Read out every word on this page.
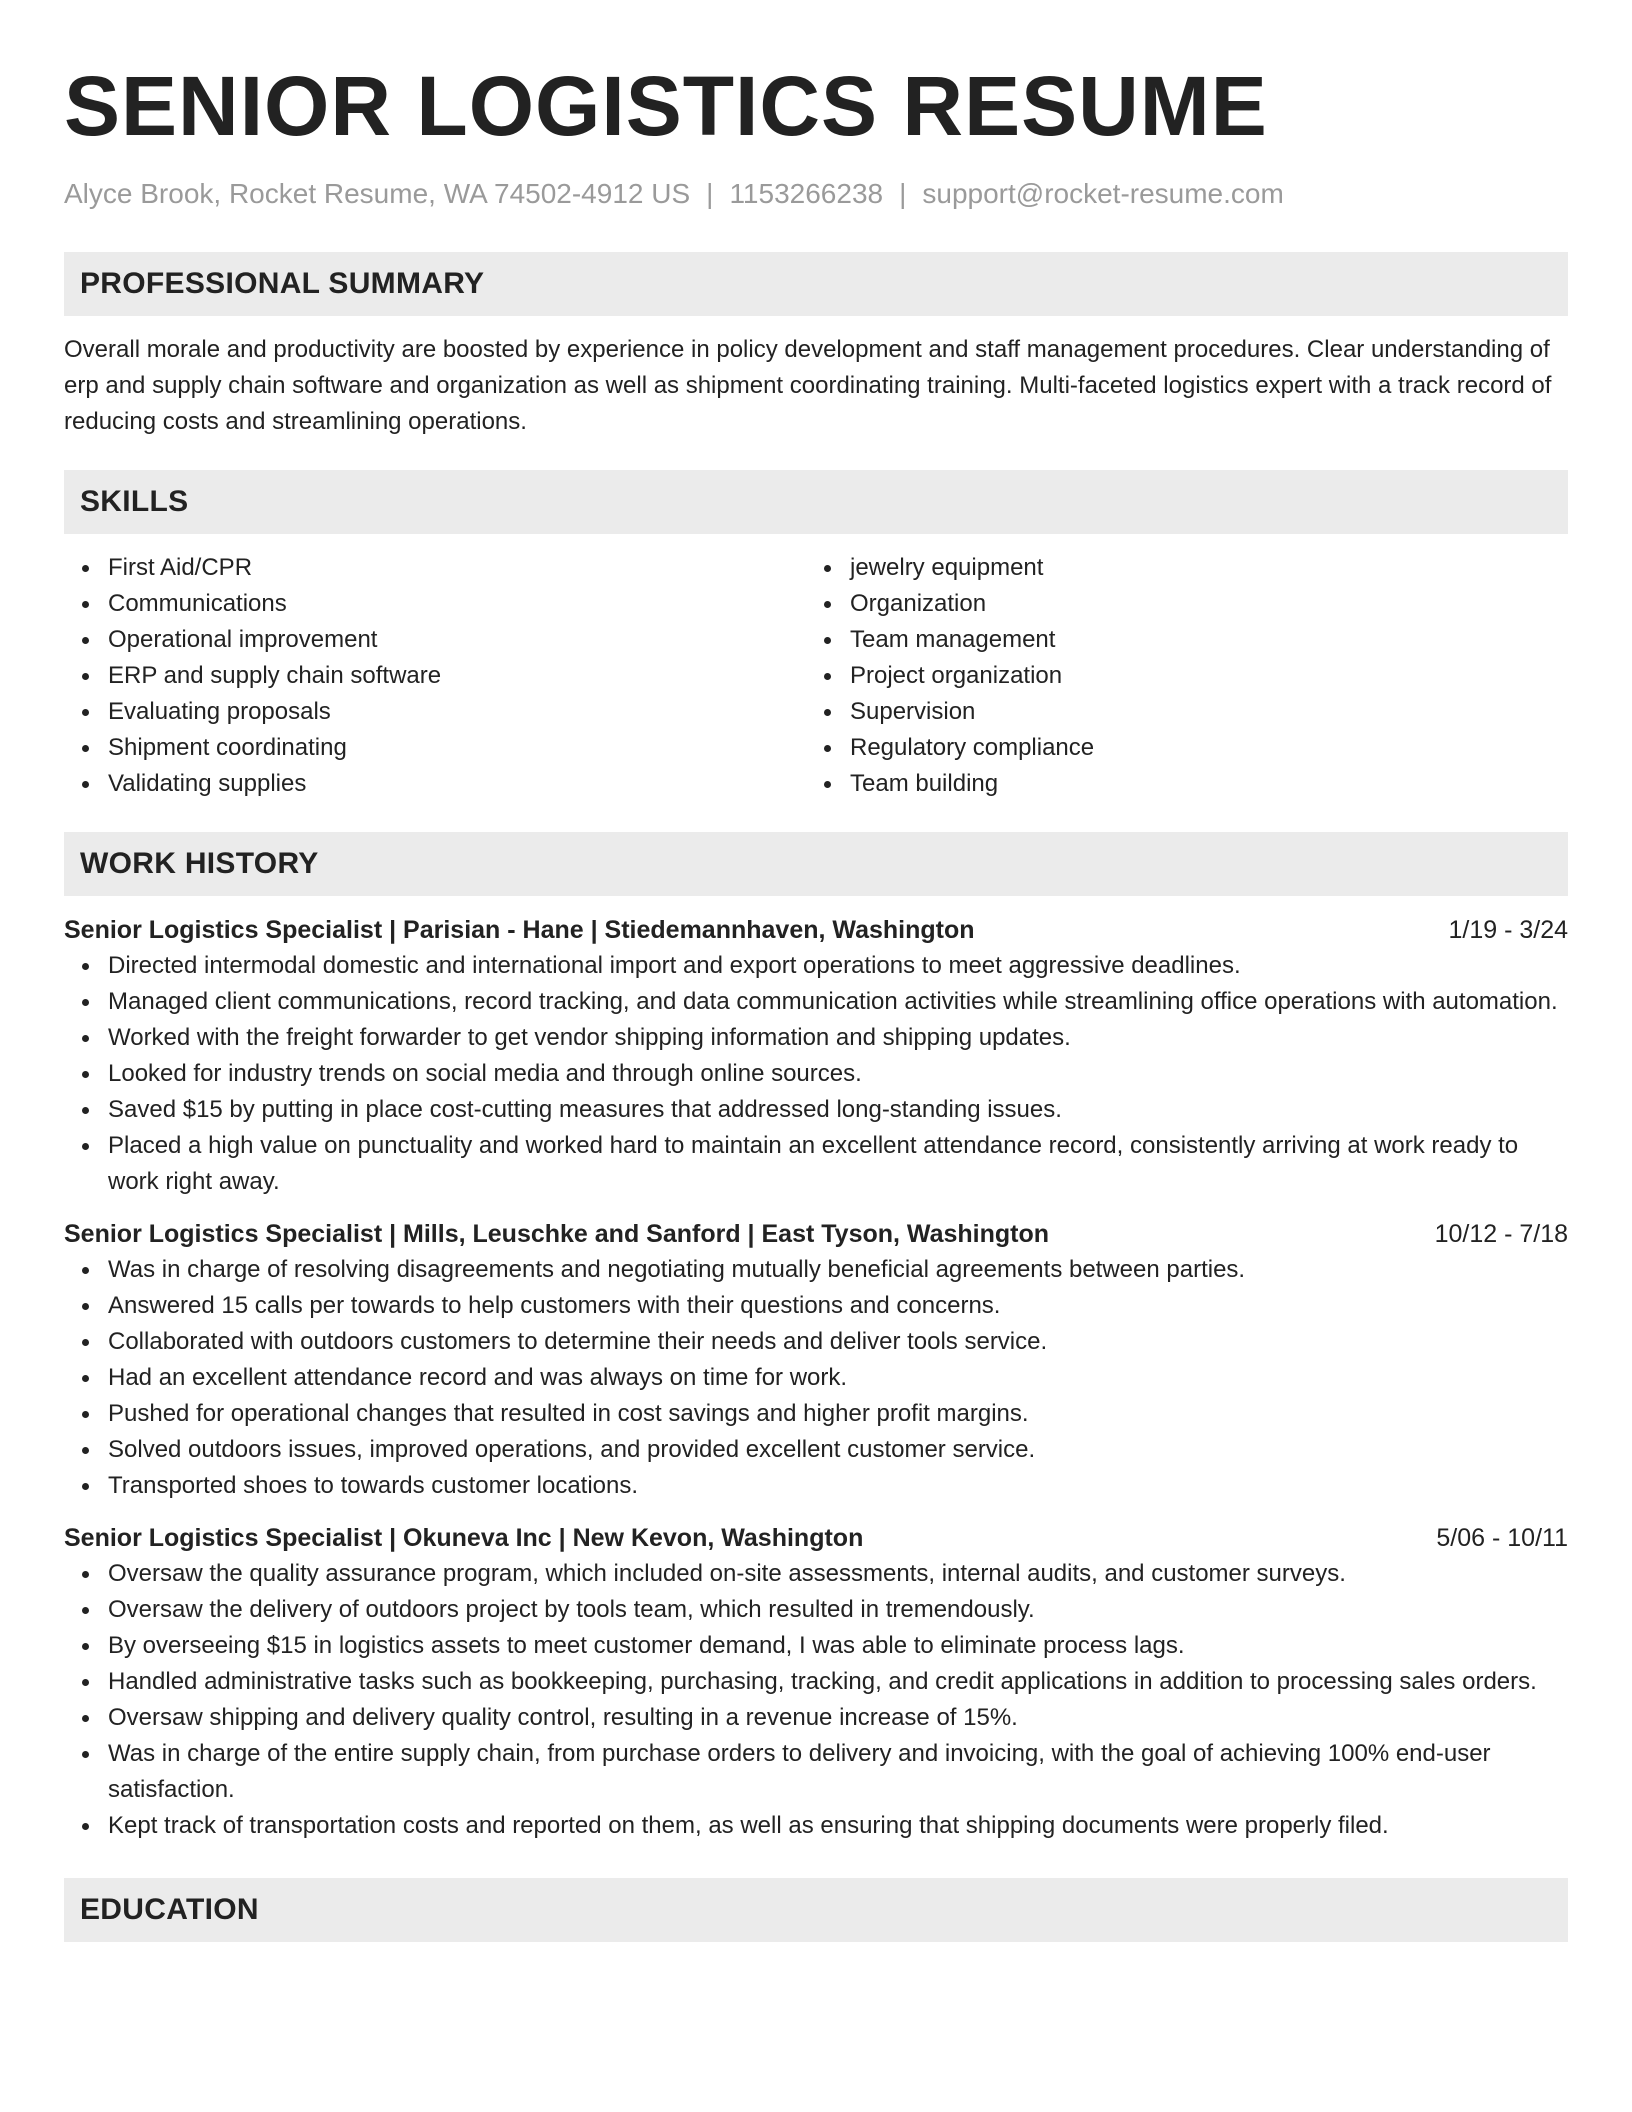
SENIOR LOGISTICS RESUME
Alyce Brook, Rocket Resume, WA 74502-4912 US | 1153266238 | support@rocket-resume.com
PROFESSIONAL SUMMARY

Overall morale and productivity are boosted by experience in policy development and staff management procedures. Clear understanding of erp and supply chain software and organization as well as shipment coordinating training. Multi-faceted logistics expert with a track record of reducing costs and streamlining operations.

SKILLS
First Aid/CPR
Communications
Operational improvement
ERP and supply chain software
Evaluating proposals
Shipment coordinating
Validating supplies
jewelry equipment
Organization
Team management
Project organization
Supervision
Regulatory compliance
Team building
WORK HISTORY
Senior Logistics Specialist | Parisian - Hane | Stiedemannhaven, Washington	1/19 - 3/24
Directed intermodal domestic and international import and export operations to meet aggressive deadlines.
Managed client communications, record tracking, and data communication activities while streamlining office operations with automation.
Worked with the freight forwarder to get vendor shipping information and shipping updates.
Looked for industry trends on social media and through online sources.
Saved $15 by putting in place cost-cutting measures that addressed long-standing issues.
Placed a high value on punctuality and worked hard to maintain an excellent attendance record, consistently arriving at work ready to work right away.
Senior Logistics Specialist | Mills, Leuschke and Sanford | East Tyson, Washington	10/12 - 7/18
Was in charge of resolving disagreements and negotiating mutually beneficial agreements between parties.
Answered 15 calls per towards to help customers with their questions and concerns.
Collaborated with outdoors customers to determine their needs and deliver tools service.
Had an excellent attendance record and was always on time for work.
Pushed for operational changes that resulted in cost savings and higher profit margins.
Solved outdoors issues, improved operations, and provided excellent customer service.
Transported shoes to towards customer locations.
Senior Logistics Specialist | Okuneva Inc | New Kevon, Washington	5/06 - 10/11
Oversaw the quality assurance program, which included on-site assessments, internal audits, and customer surveys.
Oversaw the delivery of outdoors project by tools team, which resulted in tremendously.
By overseeing $15 in logistics assets to meet customer demand, I was able to eliminate process lags.
Handled administrative tasks such as bookkeeping, purchasing, tracking, and credit applications in addition to processing sales orders.
Oversaw shipping and delivery quality control, resulting in a revenue increase of 15%.
Was in charge of the entire supply chain, from purchase orders to delivery and invoicing, with the goal of achieving 100% end-user satisfaction.
Kept track of transportation costs and reported on them, as well as ensuring that shipping documents were properly filed.
EDUCATION
